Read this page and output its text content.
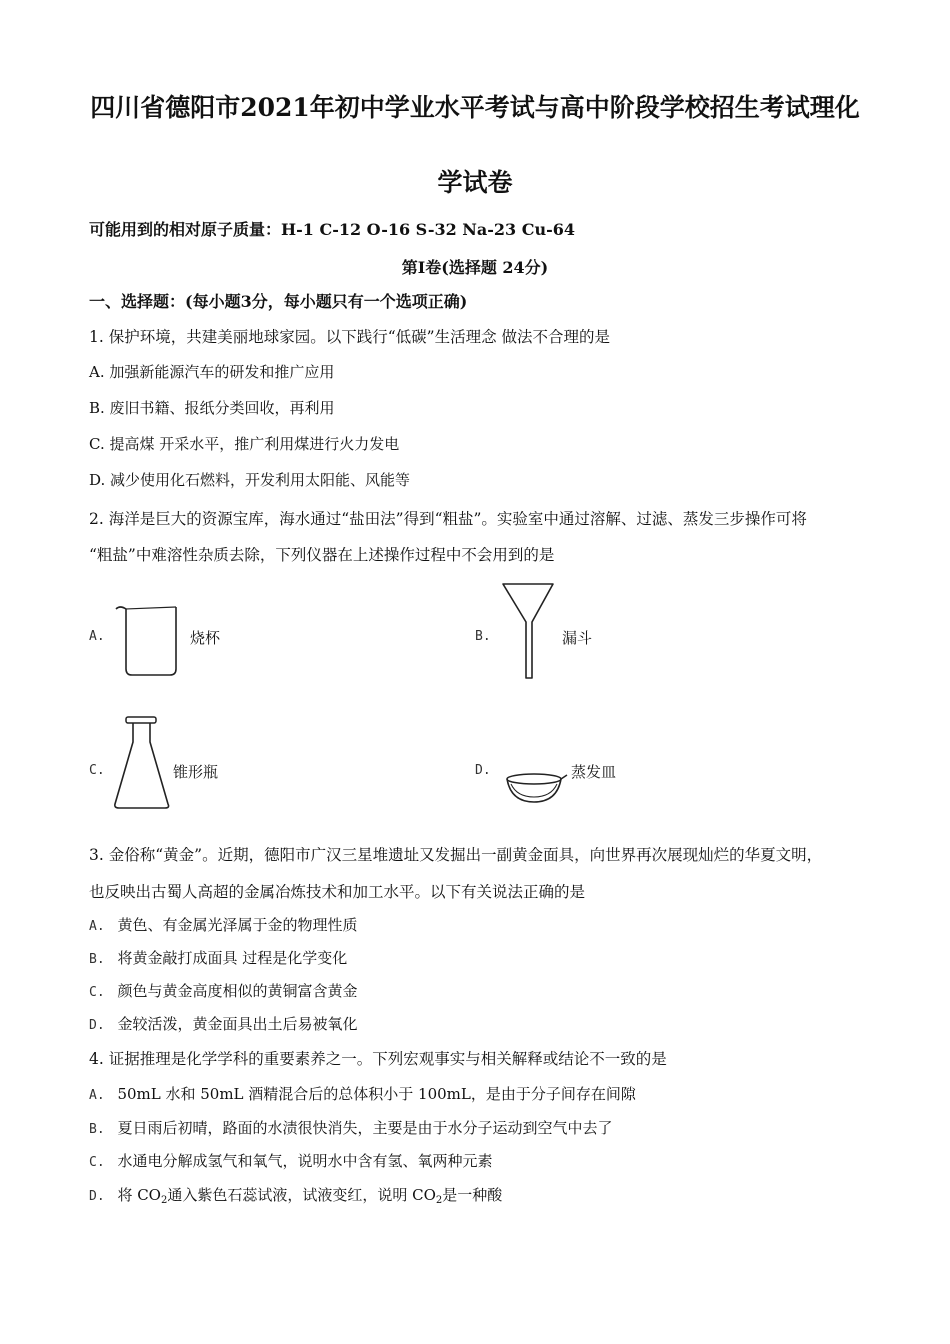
四川省德阳市2021年初中学业水平考试与高中阶段学校招生考试理化
学试卷
可能用到的相对原子质量：H-1 C-12 O-16 S-32 Na-23 Cu-64
第Ⅰ卷(选择题 24分)
一、选择题：(每小题3分，每小题只有一个选项正确)
1. 保护环境，共建美丽地球家园。以下践行“低碳”生活理念 做法不合理的是
A. 加强新能源汽车的研发和推广应用
B. 废旧书籍、报纸分类回收，再利用
C. 提高煤 开采水平，推广利用煤进行火力发电
D. 减少使用化石燃料，开发利用太阳能、风能等
2. 海洋是巨大的资源宝库，海水通过“盐田法”得到“粗盐”。实验室中通过溶解、过滤、蒸发三步操作可将
“粗盐”中难溶性杂质去除，下列仪器在上述操作过程中不会用到的是
A.	烧杯	B.	漏斗
C.	锥形瓶	D.	蒸发皿
3. 金俗称“黄金”。近期，德阳市广汉三星堆遗址又发掘出一副黄金面具，向世界再次展现灿烂的华夏文明，
也反映出古蜀人高超的金属冶炼技术和加工水平。以下有关说法正确的是
A. 黄色、有金属光泽属于金的物理性质
B. 将黄金敲打成面具 过程是化学变化
C. 颜色与黄金高度相似的黄铜富含黄金
D. 金较活泼，黄金面具出土后易被氧化
4. 证据推理是化学学科的重要素养之一。下列宏观事实与相关解释或结论不一致的是
A. 50mL 水和 50mL 酒精混合后的总体积小于 100mL，是由于分子间存在间隙
B. 夏日雨后初晴，路面的水渍很快消失，主要是由于水分子运动到空气中去了
C. 水通电分解成氢气和氧气，说明水中含有氢、氧两种元素
D. 将 $CO_2$通入紫色石蕊试液，试液变红，说明 $CO_2$是一种酸
